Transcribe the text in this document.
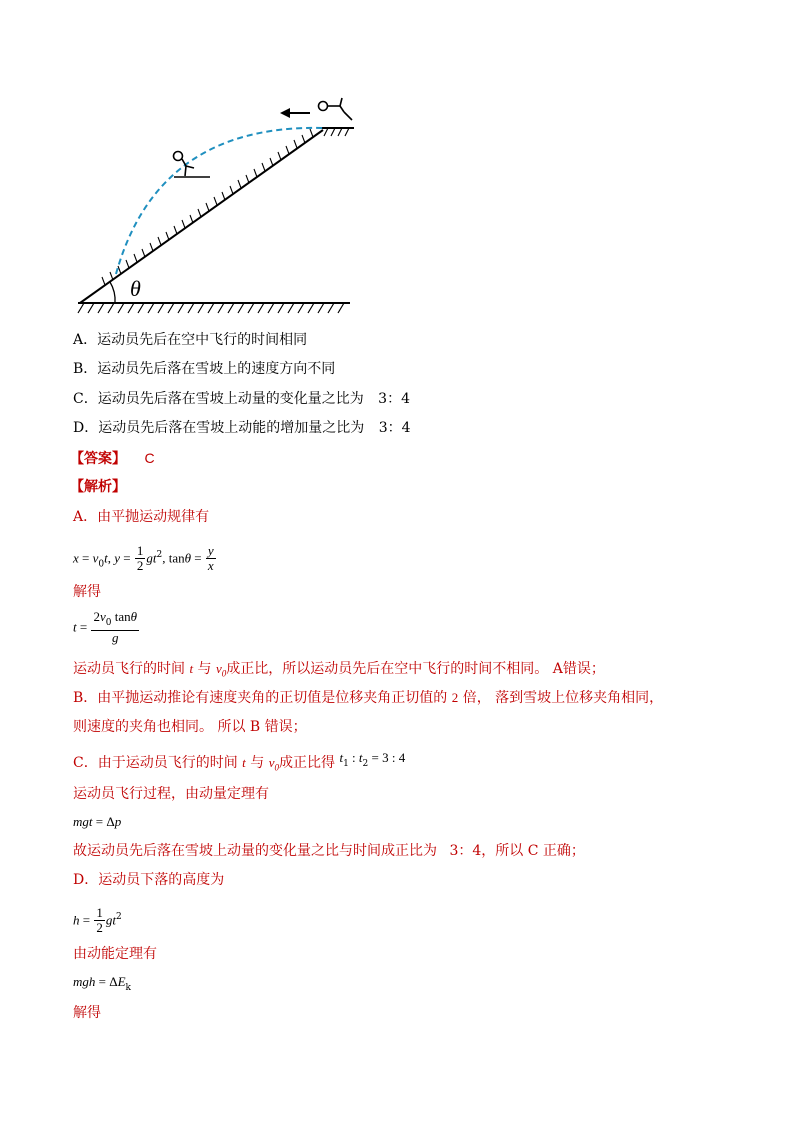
θ
A．运动员先后在空中飞行的时间相同
B．运动员先后落在雪坡上的速度方向不同
C．运动员先后落在雪坡上动量的变化量之比为 3：4
D．运动员先后落在雪坡上动能的增加量之比为 3：4
【答案】 C
【解析】
A．由平抛运动规律有
$x = v_0t$, $y = \frac{1}{2} gt^2$, $\tan\theta = \frac{y}{x}$
解得
$t = \frac{2v_0 \tan\theta}{g}$
运动员飞行的时间 t 与 $v_0$成正比，所以运动员先后在空中飞行的时间不相同。 A错误；
B．由平抛运动推论有速度夹角的正切值是位移夹角正切值的 2 倍， 落到雪坡上位移夹角相同，
则速度的夹角也相同。 所以 B 错误；
C．由于运动员飞行的时间 t 与 $v_0$成正比得 $t_1$ : $t_2 = 3$ : 4
运动员飞行过程，由动量定理有
mgt = Δp
故运动员先后落在雪坡上动量的变化量之比与时间成正比为 3：4，所以 C 正确；
D．运动员下落的高度为
$h = \frac{1}{2} gt^2$
由动能定理有
mgh = $\Delta E_k$
解得
